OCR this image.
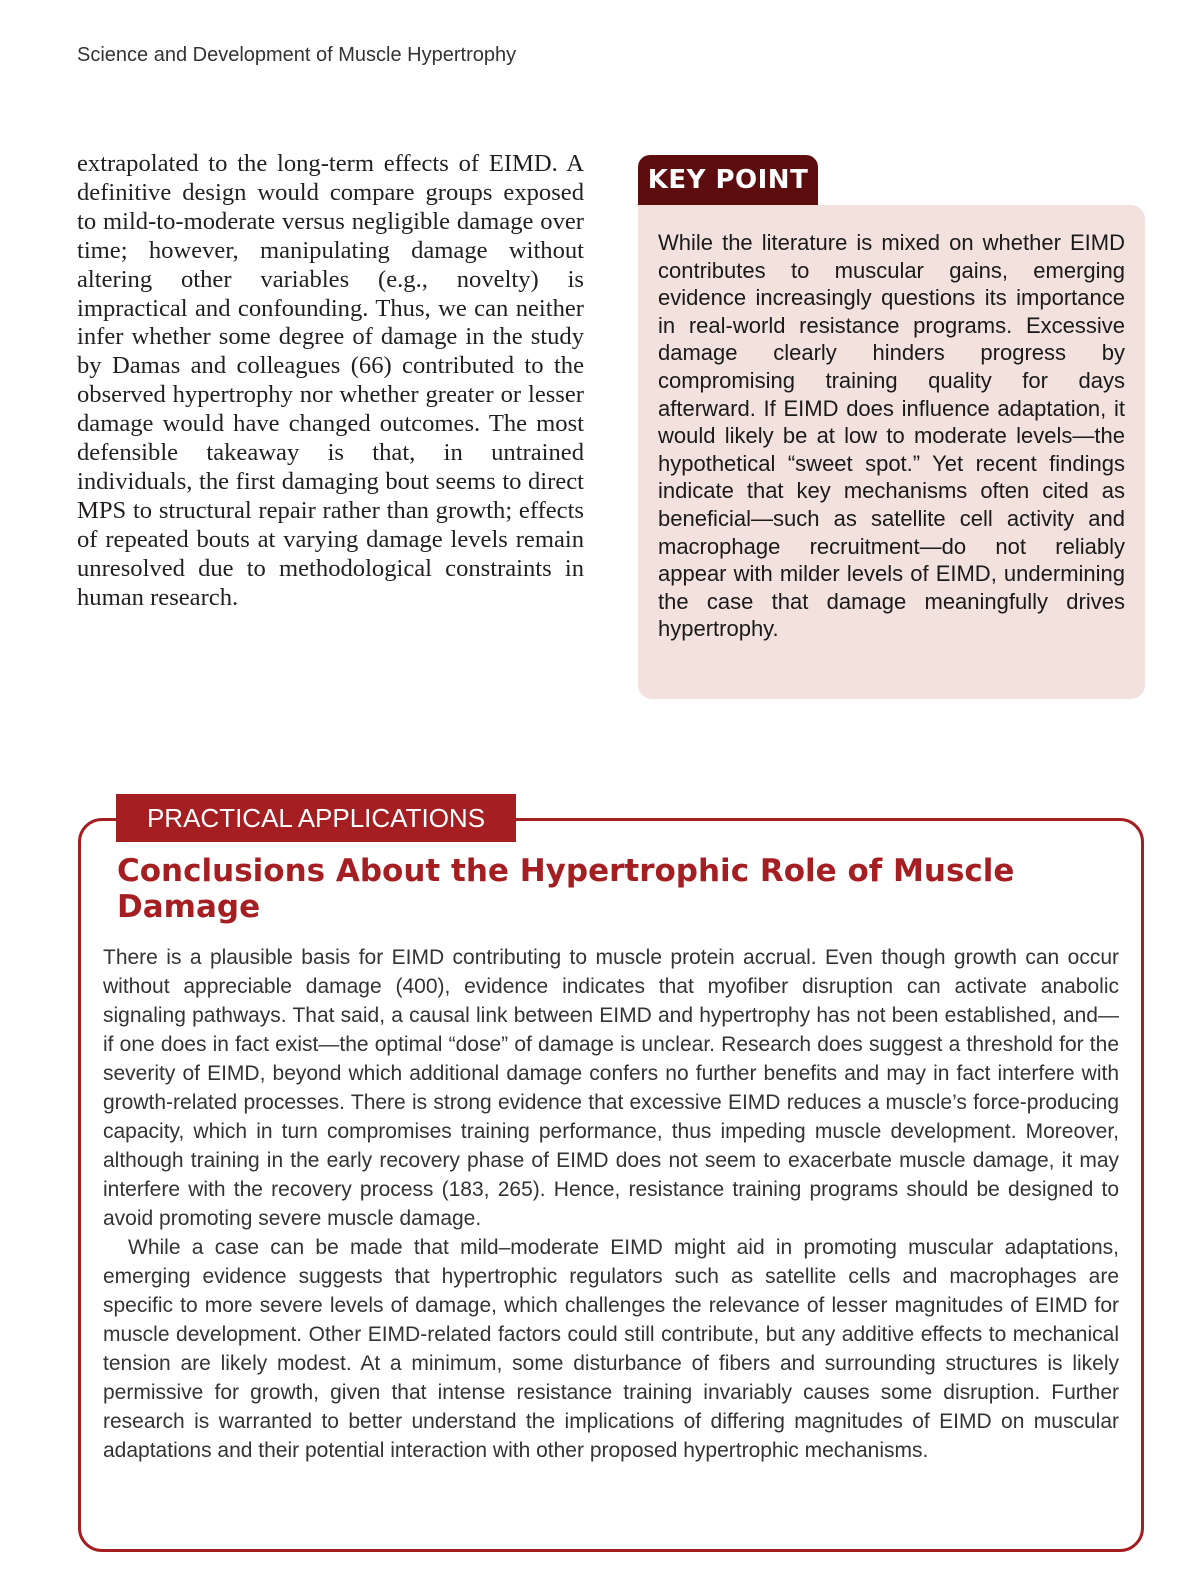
Science and Development of Muscle Hypertrophy

extrapolated to the long-term effects of EIMD. A definitive design would compare groups exposed to mild-to-moderate versus negligible damage over time; however, manipulating damage without altering other variables (e.g., novelty) is impractical and confounding. Thus, we can neither infer whether some degree of damage in the study by Damas and colleagues (66) contributed to the observed hypertrophy nor whether greater or lesser damage would have changed outcomes. The most defensible takeaway is that, in untrained individuals, the first damaging bout seems to direct MPS to structural repair rather than growth; effects of repeated bouts at varying damage levels remain unresolved due to methodological constraints in human research.

KEY POINT

While the literature is mixed on whether EIMD contributes to muscular gains, emerging evidence increasingly questions its importance in real-world resistance programs. Excessive damage clearly hinders progress by compromising training quality for days afterward. If EIMD does influence adaptation, it would likely be at low to moderate levels—the hypothetical “sweet spot.” Yet recent findings indicate that key mechanisms often cited as beneficial—such as satellite cell activity and macrophage recruitment—do not reliably appear with milder levels of EIMD, undermining the case that damage meaningfully drives hypertrophy.

PRACTICAL APPLICATIONS
Conclusions About the Hypertrophic Role of Muscle Damage

There is a plausible basis for EIMD contributing to muscle protein accrual. Even though growth can occur without appreciable damage (400), evidence indicates that myofiber disruption can activate anabolic signaling pathways. That said, a causal link between EIMD and hypertrophy has not been established, and—if one does in fact exist—the optimal “dose” of damage is unclear. Research does suggest a threshold for the severity of EIMD, beyond which additional damage confers no further benefits and may in fact interfere with growth-related processes. There is strong evidence that excessive EIMD reduces a muscle’s force-producing capacity, which in turn compromises training performance, thus impeding muscle development. Moreover, although training in the early recovery phase of EIMD does not seem to exacerbate muscle damage, it may interfere with the recovery process (183, 265). Hence, resistance training programs should be designed to avoid promoting severe muscle damage.

While a case can be made that mild–moderate EIMD might aid in promoting muscular adaptations, emerging evidence suggests that hypertrophic regulators such as satellite cells and macrophages are specific to more severe levels of damage, which challenges the relevance of lesser magnitudes of EIMD for muscle development. Other EIMD-related factors could still contribute, but any additive effects to mechanical tension are likely modest. At a minimum, some disturbance of fibers and surrounding structures is likely permissive for growth, given that intense resistance training invariably causes some disruption. Further research is warranted to better understand the implications of differing magnitudes of EIMD on muscular adaptations and their potential interaction with other proposed hypertrophic mechanisms.
